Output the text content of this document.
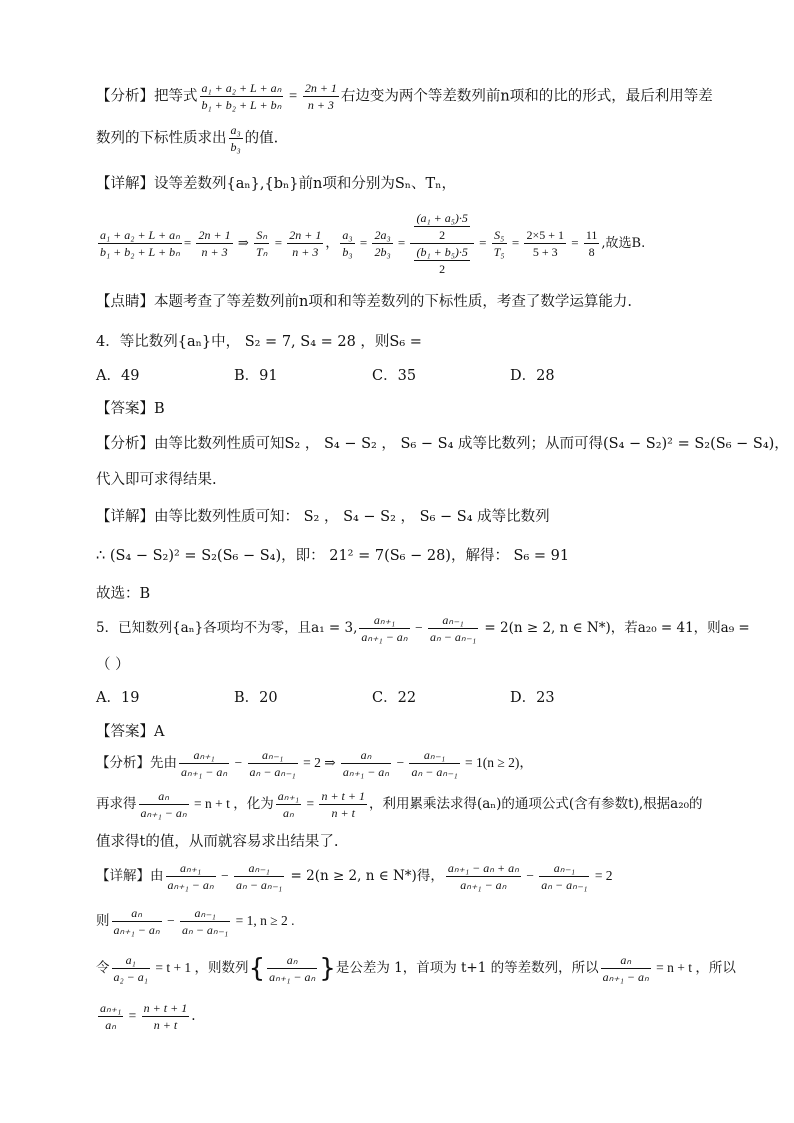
【分析】把等式 $\frac{\text{a₁ + a₂ + L + aₙ}}{\text{b₁ + b₂ + L + bₙ}} = \frac{2n + 1}{n + 3}$ 右边变为两个等差数列前n项和的比的形式，最后利用等差
数列的下标性质求出 $\frac{\text{a₃}}{\text{b₃}}$ 的值.
【详解】设等差数列{aₙ},{bₙ}前n项和分别为Sₙ、Tₙ，
$\frac{\text{a₁ + a₂ + L + aₙ}}{\text{b₁ + b₂ + L + bₙ}} = \frac{2n + 1}{n + 3}$ ⇒ $\frac{\text{Sₙ}}{\text{Tₙ}} = \frac{2n + 1}{n + 3}$ ， $\frac{\text{a₃}}{\text{b₃}} = \frac{\text{2a₃}}{\text{2b₃}} = \frac{\frac{\text{(a₁ + a₅)·5}}{2}}{\frac{\text{(b₁ + b₅)·5}}{2}} = \frac{\text{S₅}}{\text{T₅}} = \frac{2\times 5 + 1}{5 + 3} = \frac{11}{8}$ ,故选B.
【点睛】本题考查了等差数列前n项和和等差数列的下标性质，考查了数学运算能力.
4．等比数列{aₙ}中， S₂ = 7, S₄ = 28 ，则S₆ =
A．49	B．91	C．35	D．28
【答案】B
【分析】由等比数列性质可知S₂ ， S₄ − S₂ ， S₆ − S₄ 成等比数列；从而可得(S₄ − S₂)² = S₂(S₆ − S₄)，
代入即可求得结果.
【详解】由等比数列性质可知： S₂ ， S₄ − S₂ ， S₆ − S₄ 成等比数列
∴ (S₄ − S₂)² = S₂(S₆ − S₄)，即： 21² = 7(S₆ − 28)，解得： S₆ = 91
故选：B
5．已知数列{aₙ}各项均不为零，且a₁ = 3, $\frac{\text{aₙ₊₁}}{\text{aₙ₊₁ − aₙ}} - \frac{\text{aₙ₋₁}}{\text{aₙ − aₙ₋₁}} = 2(n \ge 2$, n ∈ N*)，若a₂₀ = 41，则a₉ =
（ ）
A．19	B．20	C．22	D．23
【答案】A
【分析】先由 $\frac{\text{aₙ₊₁}}{\text{aₙ₊₁ − aₙ}} - \frac{\text{aₙ₋₁}}{\text{aₙ − aₙ₋₁}} = 2$ ⇒ $\frac{\text{aₙ}}{\text{aₙ₊₁ − aₙ}} - \frac{\text{aₙ₋₁}}{\text{aₙ − aₙ₋₁}} = 1(n \ge 2)$，
再求得 $\frac{\text{aₙ}}{\text{aₙ₊₁ − aₙ}} = n + t$ ，化为 $\frac{\text{aₙ₊₁}}{\text{aₙ}} = \frac{n + t + 1}{n + t}$ ，利用累乘法求得(aₙ)的通项公式(含有参数t),根据a₂₀的
值求得t的值，从而就容易求出结果了.
【详解】由 $\frac{\text{aₙ₊₁}}{\text{aₙ₊₁ − aₙ}} - \frac{\text{aₙ₋₁}}{\text{aₙ − aₙ₋₁}} = 2(n \ge 2$, n ∈ N*)得， $\frac{\text{aₙ₊₁ − aₙ + aₙ}}{\text{aₙ₊₁ − aₙ}} - \frac{\text{aₙ₋₁}}{\text{aₙ − aₙ₋₁}} = 2$
则 $\frac{\text{aₙ}}{\text{aₙ₊₁ − aₙ}} - \frac{\text{aₙ₋₁}}{\text{aₙ − aₙ₋₁}} = 1$, n ≥ 2 .
令 $\frac{\text{a₁}}{\text{a₂ − a₁}} = t + 1$ ，则数列{ $\frac{\text{aₙ}}{\text{aₙ₊₁ − aₙ}}$ }是公差为 1，首项为 t+1 的等差数列，所以 $\frac{\text{aₙ}}{\text{aₙ₊₁ − aₙ}} = n + t$ ，所以
$\frac{\text{aₙ₊₁}}{\text{aₙ}} = \frac{n + t + 1}{n + t}$ .
